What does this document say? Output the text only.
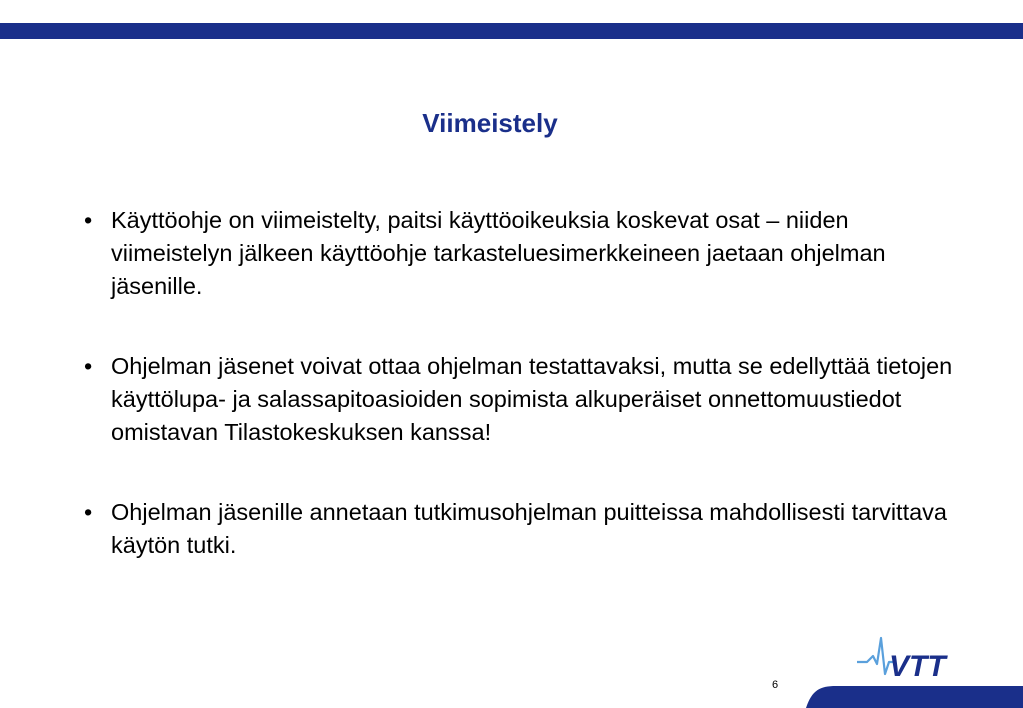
Viimeistely
• Käyttöohje on viimeistelty, paitsi käyttöoikeuksia koskevat osat – niiden viimeistelyn jälkeen käyttöohje tarkasteluesimerkkeineen jaetaan ohjelman jäsenille.
• Ohjelman jäsenet voivat ottaa ohjelman testattavaksi, mutta se edellyttää tietojen käyttölupa- ja salassapitoasioiden sopimista alkuperäiset onnettomuustiedot omistavan Tilastokeskuksen kanssa!
• Ohjelman jäsenille annetaan tutkimusohjelman puitteissa mahdollisesti tarvittava käytön tutki.
VTT
6
